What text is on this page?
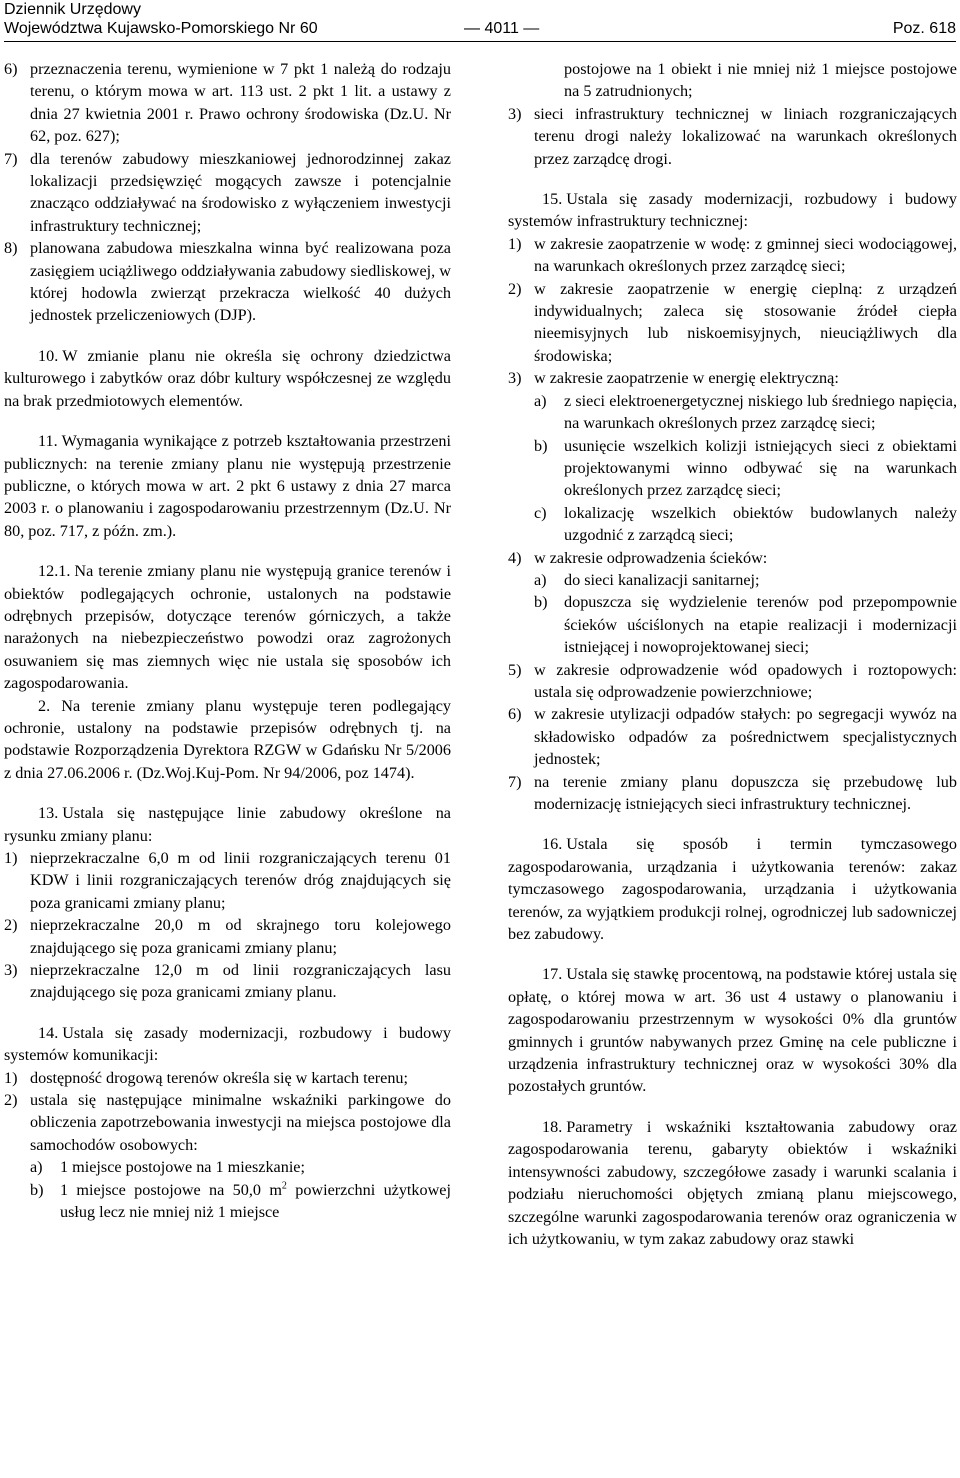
Dziennik Urzędowy
Województwa Kujawsko-Pomorskiego Nr 60	— 4011 —	Poz. 618
6) przeznaczenia terenu, wymienione w 7 pkt 1 należą do rodzaju terenu, o którym mowa w art. 113 ust. 2 pkt 1 lit. a ustawy z dnia 27 kwietnia 2001 r. Prawo ochrony środowiska (Dz.U. Nr 62, poz. 627);
7) dla terenów zabudowy mieszkaniowej jednorodzinnej zakaz lokalizacji przedsięwzięć mogących zawsze i potencjalnie znacząco oddziaływać na środowisko z wyłączeniem inwestycji infrastruktury technicznej;
8) planowana zabudowa mieszkalna winna być realizowana poza zasięgiem uciążliwego oddziaływania zabudowy siedliskowej, w której hodowla zwierząt przekracza wielkość 40 dużych jednostek przeliczeniowych (DJP).
10. W zmianie planu nie określa się ochrony dziedzictwa kulturowego i zabytków oraz dóbr kultury współczesnej ze względu na brak przedmiotowych elementów.
11. Wymagania wynikające z potrzeb kształtowania przestrzeni publicznych: na terenie zmiany planu nie występują przestrzenie publiczne, o których mowa w art. 2 pkt 6 ustawy z dnia 27 marca 2003 r. o planowaniu i zagospodarowaniu przestrzennym (Dz.U. Nr 80, poz. 717, z późn. zm.).
12.1. Na terenie zmiany planu nie występują granice terenów i obiektów podlegających ochronie, ustalonych na podstawie odrębnych przepisów, dotyczące terenów górniczych, a także narażonych na niebezpieczeństwo powodzi oraz zagrożonych osuwaniem się mas ziemnych więc nie ustala się sposobów ich zagospodarowania.
2. Na terenie zmiany planu występuje teren podlegający ochronie, ustalony na podstawie przepisów odrębnych tj. na podstawie Rozporządzenia Dyrektora RZGW w Gdańsku Nr 5/2006 z dnia 27.06.2006 r. (Dz.Woj.Kuj-Pom. Nr 94/2006, poz 1474).
13. Ustala się następujące linie zabudowy określone na rysunku zmiany planu:
1) nieprzekraczalne 6,0 m od linii rozgraniczających terenu 01 KDW i linii rozgraniczających terenów dróg znajdujących się poza granicami zmiany planu;
2) nieprzekraczalne 20,0 m od skrajnego toru kolejowego znajdującego się poza granicami zmiany planu;
3) nieprzekraczalne 12,0 m od linii rozgraniczających lasu znajdującego się poza granicami zmiany planu.
14. Ustala się zasady modernizacji, rozbudowy i budowy systemów komunikacji:
1) dostępność drogową terenów określa się w kartach terenu;
2) ustala się następujące minimalne wskaźniki parkingowe do obliczenia zapotrzebowania inwestycji na miejsca postojowe dla samochodów osobowych:
a)	1 miejsce postojowe na 1 mieszkanie;
b)	1 miejsce postojowe na 50,0 $m^2$ powierzchni użytkowej usług lecz nie mniej niż 1 miejsce
postojowe na 1 obiekt i nie mniej niż 1 miejsce postojowe na 5 zatrudnionych;
3) sieci infrastruktury technicznej w liniach rozgraniczających terenu drogi należy lokalizować na warunkach określonych przez zarządcę drogi.
15. Ustala się zasady modernizacji, rozbudowy i budowy systemów infrastruktury technicznej:
1) w zakresie zaopatrzenie w wodę: z gminnej sieci wodociągowej, na warunkach określonych przez zarządcę sieci;
2) w zakresie zaopatrzenie w energię cieplną: z urządzeń indywidualnych; zaleca się stosowanie źródeł ciepła nieemisyjnych lub niskoemisyjnych, nieuciążliwych dla środowiska;
3) w zakresie zaopatrzenie w energię elektryczną:
a)	z sieci elektroenergetycznej niskiego lub średniego napięcia, na warunkach określonych przez zarządcę sieci;
b)	usunięcie wszelkich kolizji istniejących sieci z obiektami projektowanymi winno odbywać się na warunkach określonych przez zarządcę sieci;
c)	lokalizację wszelkich obiektów budowlanych należy uzgodnić z zarządcą sieci;
4) w zakresie odprowadzenia ścieków:
a)	do sieci kanalizacji sanitarnej;
b)	dopuszcza się wydzielenie terenów pod przepompownie ścieków uściślonych na etapie realizacji i modernizacji istniejącej i nowoprojektowanej sieci;
5) w zakresie odprowadzenie wód opadowych i roztopowych: ustala się odprowadzenie powierzchniowe;
6) w zakresie utylizacji odpadów stałych: po segregacji wywóz na składowisko odpadów za pośrednictwem specjalistycznych jednostek;
7) na terenie zmiany planu dopuszcza się przebudowę lub modernizację istniejących sieci infrastruktury technicznej.
16. Ustala się sposób i termin tymczasowego zagospodarowania, urządzania i użytkowania terenów: zakaz tymczasowego zagospodarowania, urządzania i użytkowania terenów, za wyjątkiem produkcji rolnej, ogrodniczej lub sadowniczej bez zabudowy.
17. Ustala się stawkę procentową, na podstawie której ustala się opłatę, o której mowa w art. 36 ust 4 ustawy o planowaniu i zagospodarowaniu przestrzennym w wysokości 0% dla gruntów gminnych i gruntów nabywanych przez Gminę na cele publiczne i urządzenia infrastruktury technicznej oraz w wysokości 30% dla pozostałych gruntów.
18. Parametry i wskaźniki kształtowania zabudowy oraz zagospodarowania terenu, gabaryty obiektów i wskaźniki intensywności zabudowy, szczegółowe zasady i warunki scalania i podziału nieruchomości objętych zmianą planu miejscowego, szczególne warunki zagospodarowania terenów oraz ograniczenia w ich użytkowaniu, w tym zakaz zabudowy oraz stawki
